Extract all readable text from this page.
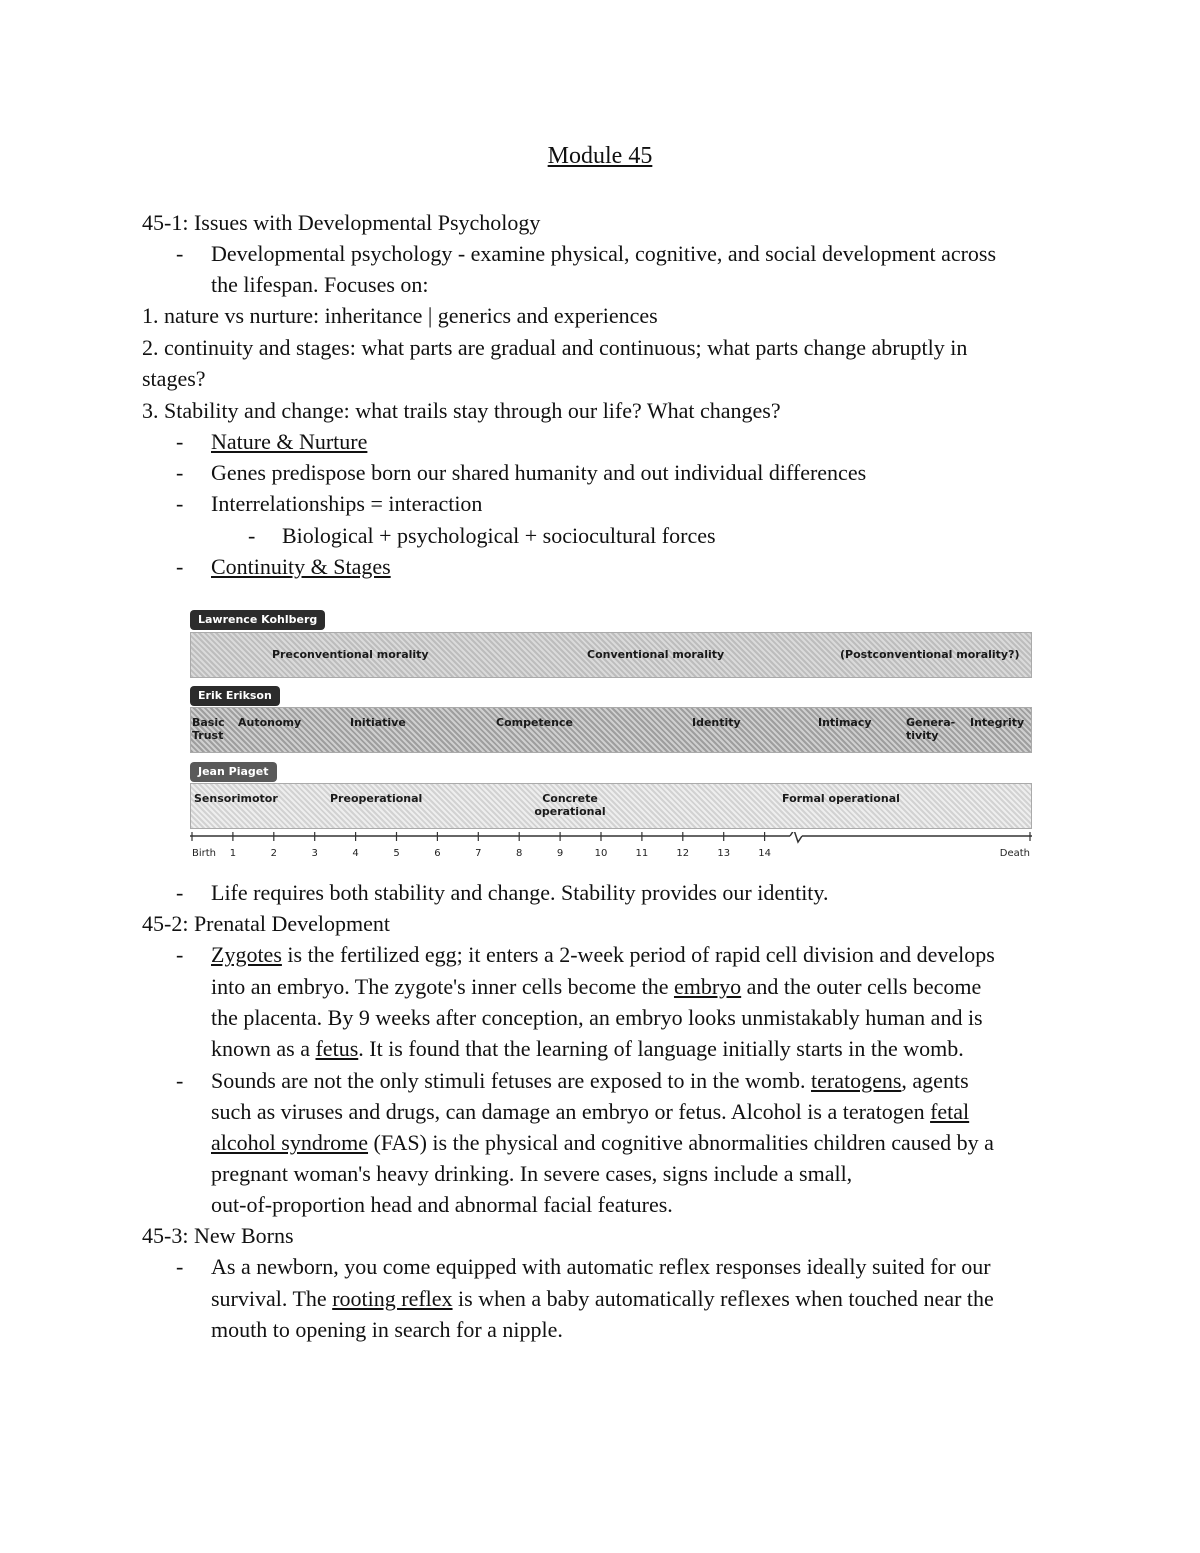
Module 45
45-1: Issues with Developmental Psychology
- Developmental psychology - examine physical, cognitive, and social development across
the lifespan. Focuses on:
1. nature vs nurture: inheritance | generics and experiences
2. continuity and stages: what parts are gradual and continuous; what parts change abruptly in
stages?
3. Stability and change: what trails stay through our life? What changes?
- Nature & Nurture
- Genes predispose born our shared humanity and out individual differences
- Interrelationships = interaction
- Biological + psychological + sociocultural forces
- Continuity & Stages
Lawrence Kohlberg
Preconventional morality	Conventional morality	(Postconventional morality?)
Erik Erikson
Basic Trust
Autonomy	Initiative	Competence	Identity	Intimacy	Genera-tivity
Integrity
Jean Piaget
Sensorimotor	Preoperational	Concrete operational
Formal operational
Birth 1	2	3	4	5	6	7	8	9	10	11	12	13	14	Death
- Life requires both stability and change. Stability provides our identity.
45-2: Prenatal Development
- Zygotes is the fertilized egg; it enters a 2-week period of rapid cell division and develops
into an embryo. The zygote's inner cells become the embryo and the outer cells become
the placenta. By 9 weeks after conception, an embryo looks unmistakably human and is
known as a fetus. It is found that the learning of language initially starts in the womb.
- Sounds are not the only stimuli fetuses are exposed to in the womb. teratogens, agents
such as viruses and drugs, can damage an embryo or fetus. Alcohol is a teratogen fetal
alcohol syndrome (FAS) is the physical and cognitive abnormalities children caused by a
pregnant woman's heavy drinking. In severe cases, signs include a small,
out-of-proportion head and abnormal facial features.
45-3: New Borns
- As a newborn, you come equipped with automatic reflex responses ideally suited for our
survival. The rooting reflex is when a baby automatically reflexes when touched near the
mouth to opening in search for a nipple.
